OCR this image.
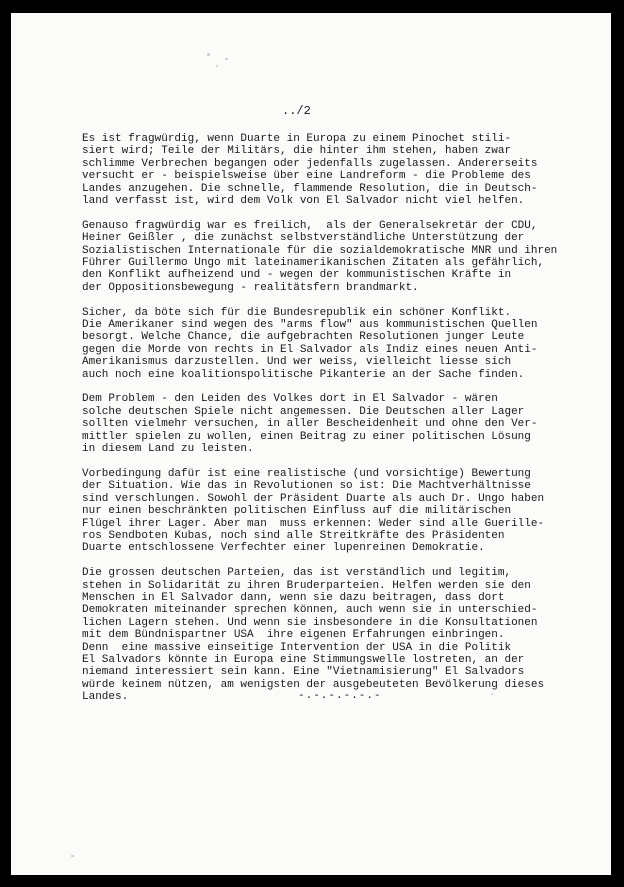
../2
Es ist fragwürdig, wenn Duarte in Europa zu einem Pinochet stili-
siert wird; Teile der Militärs, die hinter ihm stehen, haben zwar
schlimme Verbrechen begangen oder jedenfalls zugelassen. Andererseits
versucht er - beispielsweise über eine Landreform - die Probleme des
Landes anzugehen. Die schnelle, flammende Resolution, die in Deutsch-
land verfasst ist, wird dem Volk von El Salvador nicht viel helfen.
Genauso fragwürdig war es freilich,  als der Generalsekretär der CDU,
Heiner Geißler , die zunächst selbstverständliche Unterstützung der
Sozialistischen Internationale für die sozialdemokratische MNR und ihren
Führer Guillermo Ungo mit lateinamerikanischen Zitaten als gefährlich,
den Konflikt aufheizend und - wegen der kommunistischen Kräfte in
der Oppositionsbewegung - realitätsfern brandmarkt.
Sicher, da böte sich für die Bundesrepublik ein schöner Konflikt.
Die Amerikaner sind wegen des "arms flow" aus kommunistischen Quellen
besorgt. Welche Chance, die aufgebrachten Resolutionen junger Leute
gegen die Morde von rechts in El Salvador als Indiz eines neuen Anti-
Amerikanismus darzustellen. Und wer weiss, vielleicht liesse sich
auch noch eine koalitionspolitische Pikanterie an der Sache finden.
Dem Problem - den Leiden des Volkes dort in El Salvador - wären
solche deutschen Spiele nicht angemessen. Die Deutschen aller Lager
sollten vielmehr versuchen, in aller Bescheidenheit und ohne den Ver-
mittler spielen zu wollen, einen Beitrag zu einer politischen Lösung
in diesem Land zu leisten.
Vorbedingung dafür ist eine realistische (und vorsichtige) Bewertung
der Situation. Wie das in Revolutionen so ist: Die Machtverhältnisse
sind verschlungen. Sowohl der Präsident Duarte als auch Dr. Ungo haben
nur einen beschränkten politischen Einfluss auf die militärischen
Flügel ihrer Lager. Aber man  muss erkennen: Weder sind alle Guerille-
ros Sendboten Kubas, noch sind alle Streitkräfte des Präsidenten
Duarte entschlossene Verfechter einer lupenreinen Demokratie.
Die grossen deutschen Parteien, das ist verständlich und legitim,
stehen in Solidarität zu ihren Bruderparteien. Helfen werden sie den
Menschen in El Salvador dann, wenn sie dazu beitragen, dass dort
Demokraten miteinander sprechen können, auch wenn sie in unterschied-
lichen Lagern stehen. Und wenn sie insbesondere in die Konsultationen
mit dem Bündnispartner USA  ihre eigenen Erfahrungen einbringen.
Denn  eine massive einseitige Intervention der USA in die Politik
El Salvadors könnte in Europa eine Stimmungswelle lostreten, an der
niemand interessiert sein kann. Eine "Vietnamisierung" El Salvadors
würde keinem nützen, am wenigsten der ausgebeuteten Bevölkerung dieses
Landes.	-.-.-.-.-.-
